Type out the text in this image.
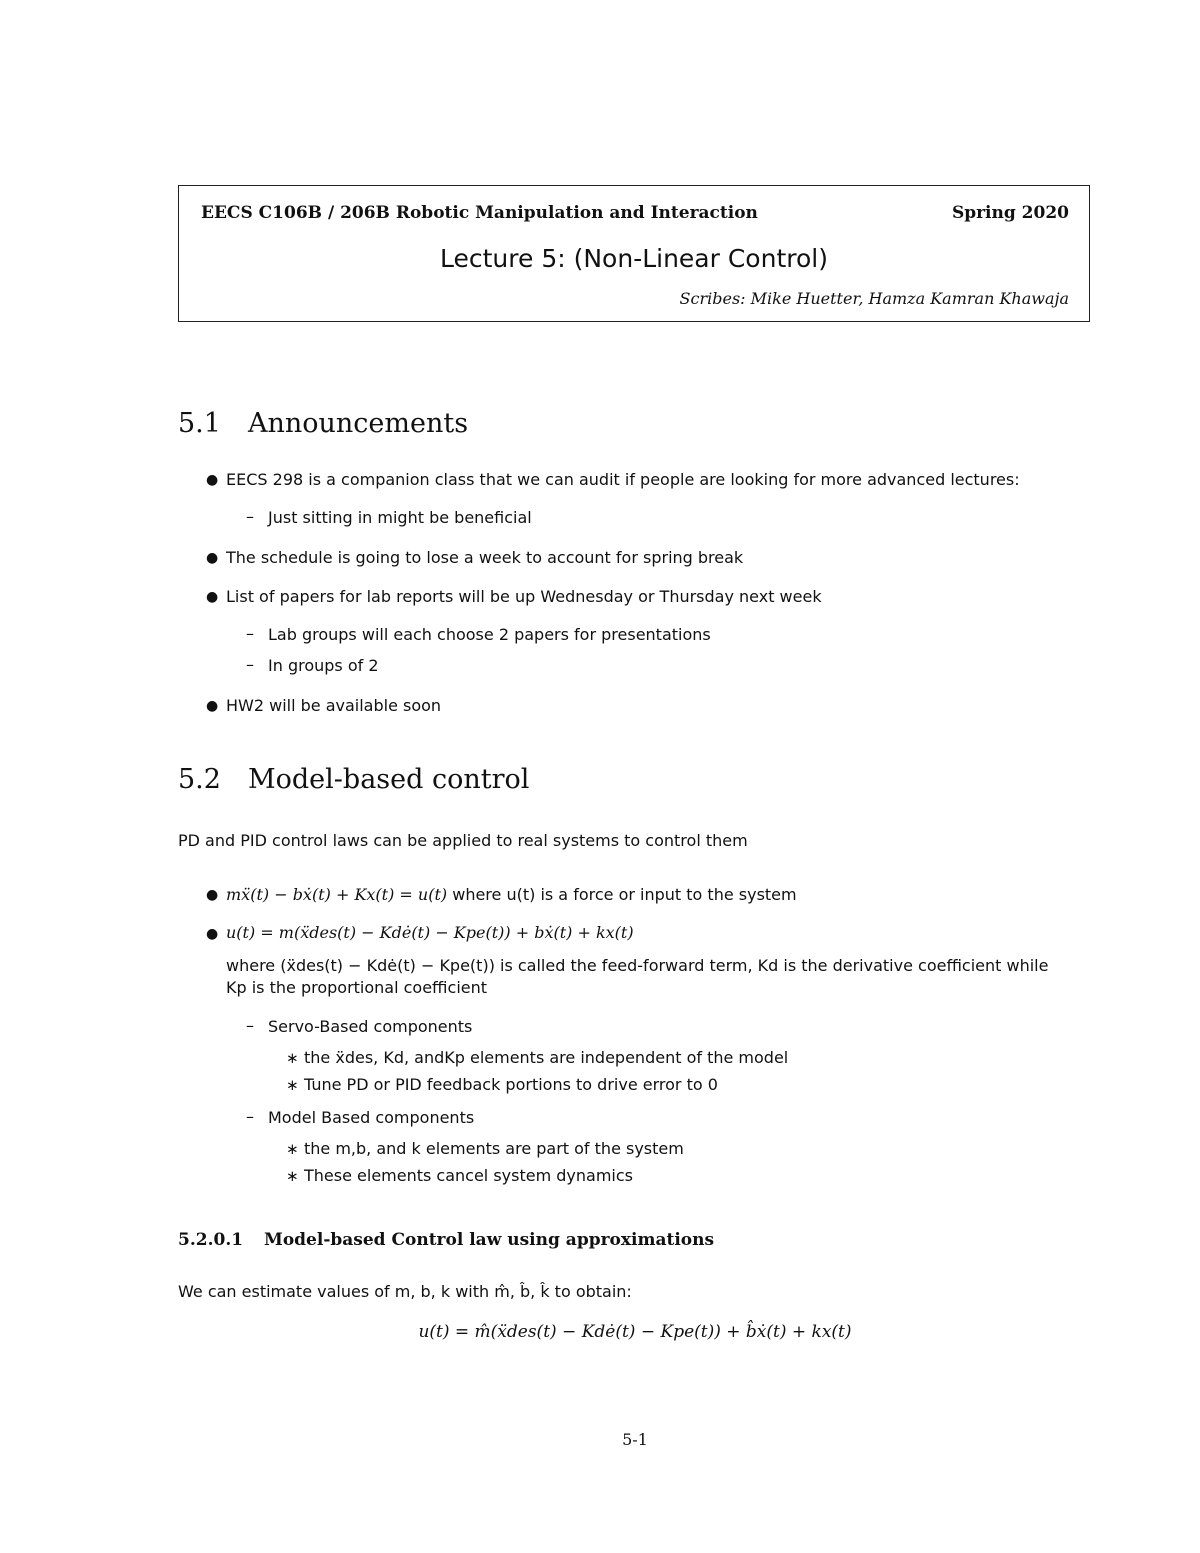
EECS C106B / 206B Robotic Manipulation and Interaction	Spring 2020
Lecture 5: (Non-Linear Control)
Scribes: Mike Huetter, Hamza Kamran Khawaja
5.1 Announcements
● EECS 298 is a companion class that we can audit if people are looking for more advanced lectures:
– Just sitting in might be beneficial
● The schedule is going to lose a week to account for spring break
● List of papers for lab reports will be up Wednesday or Thursday next week
– Lab groups will each choose 2 papers for presentations
– In groups of 2
● HW2 will be available soon
5.2 Model-based control
PD and PID control laws can be applied to real systems to control them
● mẍ(t) − bẋ(t) + Kx(t) = u(t) where u(t) is a force or input to the system
● u(t) = m(ẍdes(t) − Kdė(t) − Kpe(t)) + bẋ(t) + kx(t)
where (ẍdes(t) − Kdė(t) − Kpe(t)) is called the feed-forward term, Kd is the derivative coefficient while
Kp is the proportional coefficient
– Servo-Based components
∗ the ẍdes, Kd, andKp elements are independent of the model
∗ Tune PD or PID feedback portions to drive error to 0
– Model Based components
∗ the m,b, and k elements are part of the system
∗ These elements cancel system dynamics
5.2.0.1 Model-based Control law using approximations
We can estimate values of m, b, k with m̂, b̂, k̂ to obtain:
u(t) = m̂(ẍdes(t) − Kdė(t) − Kpe(t)) + b̂ẋ(t) + kx(t)
5-1
